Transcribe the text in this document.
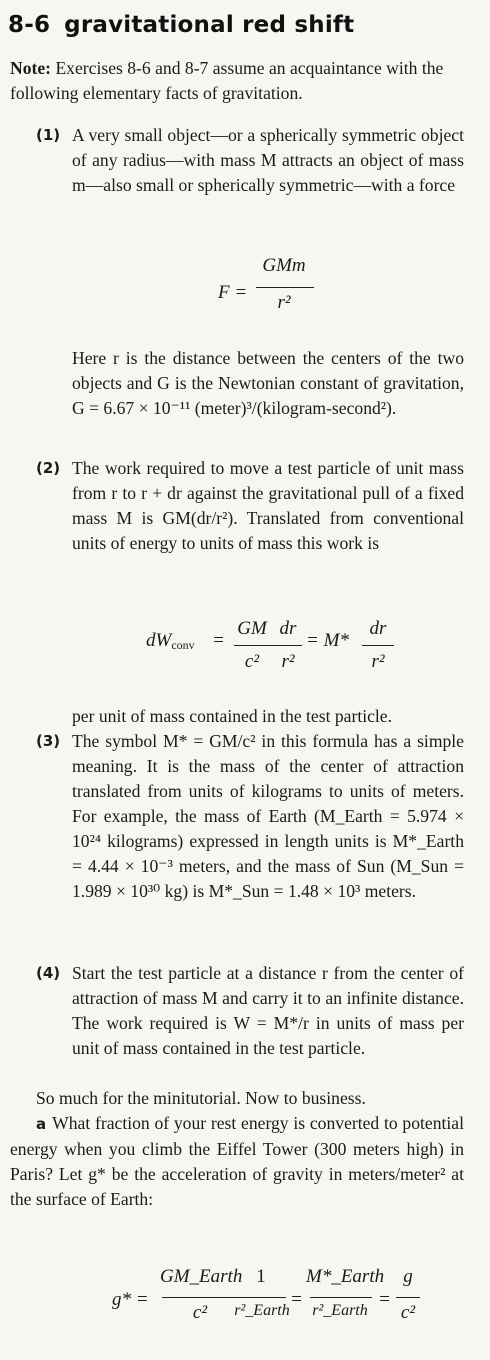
8-6 gravitational red shift

Note: Exercises 8-6 and 8-7 assume an acquaintance with the following elementary facts of gravitation.

(1) A very small object—or a spherically symmetric object of any radius—with mass M attracts an object of mass m—also small or spherically symmetric—with a force

F =
GMm
r²

Here r is the distance between the centers of the two objects and G is the Newtonian constant of gravitation, G = 6.67 × 10⁻¹¹ (meter)³/(kilogram-second²).

(2) The work required to move a test particle of unit mass from r to r + dr against the gravitational pull of a fixed mass M is GM(dr/r²). Translated from conventional units of energy to units of mass this work is

$dW_{conv}$ =
GM
c²
dr
r²
= M*
dr
r²

per unit of mass contained in the test particle.

(3) The symbol M* = GM/c² in this formula has a simple meaning. It is the mass of the center of attraction translated from units of kilograms to units of meters. For example, the mass of Earth (M_Earth = 5.974 × 10²⁴ kilograms) expressed in length units is M*_Earth = 4.44 × 10⁻³ meters, and the mass of Sun (M_Sun = 1.989 × 10³⁰ kg) is M*_Sun = 1.48 × 10³ meters.

(4) Start the test particle at a distance r from the center of attraction of mass M and carry it to an infinite distance. The work required is W = M*/r in units of mass per unit of mass contained in the test particle.

So much for the minitutorial. Now to business.

a What fraction of your rest energy is converted to potential energy when you climb the Eiffel Tower (300 meters high) in Paris? Let g* be the acceleration of gravity in meters/meter² at the surface of Earth:

g* =
GM_Earth
c²
1
r²_Earth
=
M*_Earth
r²_Earth
=
g
c²
